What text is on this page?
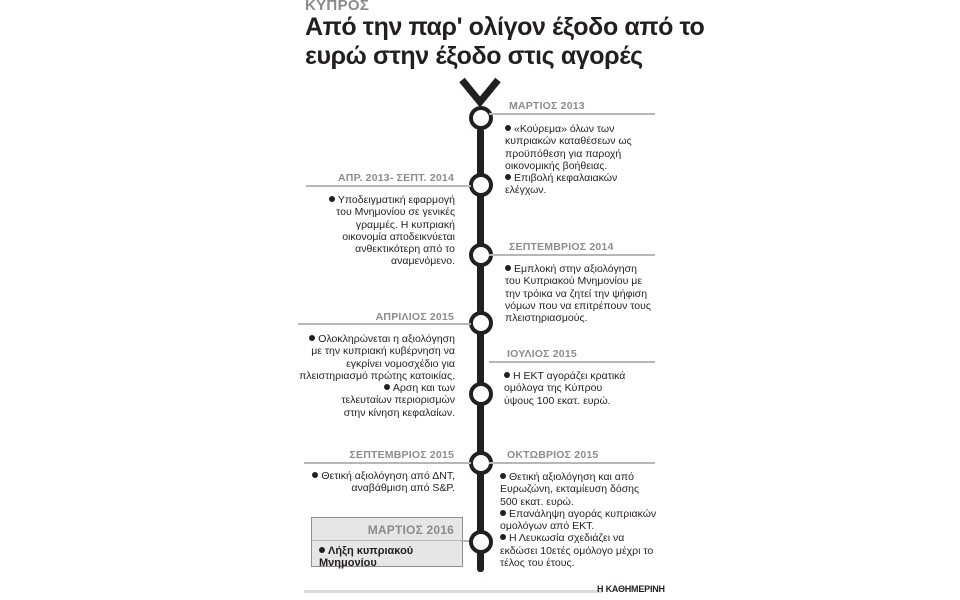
ΚΥΠΡΟΣ
Από την παρ' ολίγον έξοδο από το ευρώ στην έξοδο στις αγορές
ΜΑΡΤΙΟΣ 2013
«Κούρεμα» όλων των κυπριακών καταθέσεων ως προϋπόθεση για παροχή οικονομικής βοήθειας.
Επιβολή κεφαλαιακών ελέγχων.
ΑΠΡ. 2013- ΣΕΠΤ. 2014
Υποδειγματική εφαρμογή του Μνημονίου σε γενικές γραμμές. Η κυπριακή οικονομία αποδεικνύεται ανθεκτικότερη από το αναμενόμενο.
ΣΕΠΤΕΜΒΡΙΟΣ 2014
Εμπλοκή στην αξιολόγηση του Κυπριακού Μνημονίου με την τρόικα να ζητεί την ψήφιση νόμων που να επιτρέπουν τους πλειστηριασμούς.
ΑΠΡΙΛΙΟΣ 2015
Ολοκληρώνεται η αξιολόγηση με την κυπριακή κυβέρνηση να εγκρίνει νομοσχέδιο για πλειστηριασμό πρώτης κατοικίας.
Αρση και των τελευταίων περιορισμών στην κίνηση κεφαλαίων.
ΙΟΥΛΙΟΣ 2015
Η ΕΚΤ αγοράζει κρατικά ομόλογα της Κύπρου ύψους 100 εκατ. ευρώ.
ΣΕΠΤΕΜΒΡΙΟΣ 2015
Θετική αξιολόγηση από ΔΝΤ, αναβάθμιση από S&P.
ΟΚΤΩΒΡΙΟΣ 2015
Θετική αξιολόγηση και από Ευρωζώνη, εκταμίευση δόσης 500 εκατ. ευρώ.
Επανάληψη αγοράς κυπριακών ομολόγων από ΕΚΤ.
Η Λευκωσία σχεδιάζει να εκδώσει 10ετές ομόλογο μέχρι το τέλος του έτους.
ΜΑΡΤΙΟΣ 2016
Λήξη κυπριακού Μνημονίου
Η ΚΑΘΗΜΕΡΙΝΗ
